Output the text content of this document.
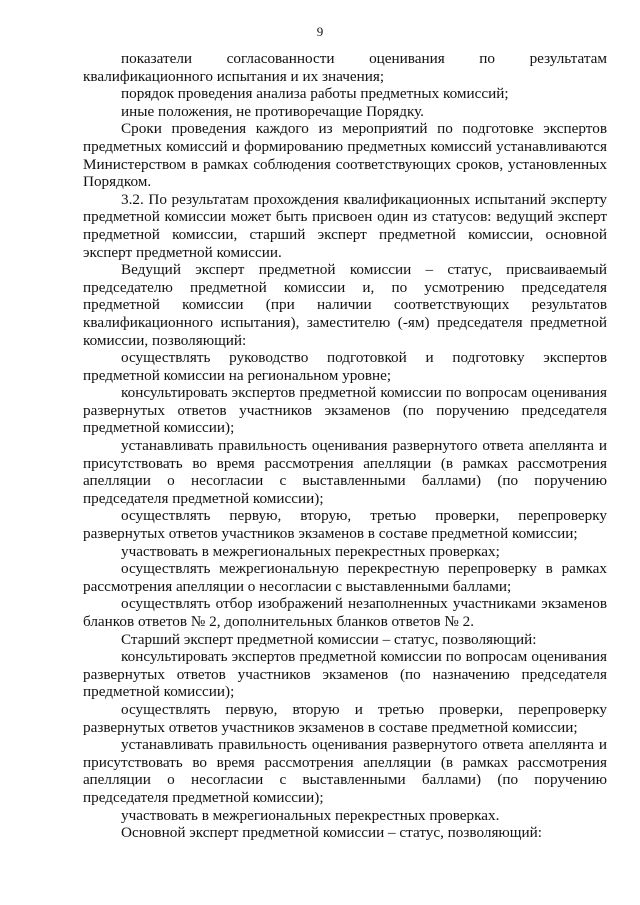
9

показатели согласованности оценивания по результатам квалификационного испытания и их значения;

порядок проведения анализа работы предметных комиссий;

иные положения, не противоречащие Порядку.

Сроки проведения каждого из мероприятий по подготовке экспертов предметных комиссий и формированию предметных комиссий устанавливаются Министерством в рамках соблюдения соответствующих сроков, установленных Порядком.

3.2. По результатам прохождения квалификационных испытаний эксперту предметной комиссии может быть присвоен один из статусов: ведущий эксперт предметной комиссии, старший эксперт предметной комиссии, основной эксперт предметной комиссии.

Ведущий эксперт предметной комиссии – статус, присваиваемый председателю предметной комиссии и, по усмотрению председателя предметной комиссии (при наличии соответствующих результатов квалификационного испытания), заместителю (-ям) председателя предметной комиссии, позволяющий:

осуществлять руководство подготовкой и подготовку экспертов предметной комиссии на региональном уровне;

консультировать экспертов предметной комиссии по вопросам оценивания развернутых ответов участников экзаменов (по поручению председателя предметной комиссии);

устанавливать правильность оценивания развернутого ответа апеллянта и присутствовать во время рассмотрения апелляции (в рамках рассмотрения апелляции о несогласии с выставленными баллами) (по поручению председателя предметной комиссии);

осуществлять первую, вторую, третью проверки, перепроверку развернутых ответов участников экзаменов в составе предметной комиссии;

участвовать в межрегиональных перекрестных проверках;

осуществлять межрегиональную перекрестную перепроверку в рамках рассмотрения апелляции о несогласии с выставленными баллами;

осуществлять отбор изображений незаполненных участниками экзаменов бланков ответов № 2, дополнительных бланков ответов № 2.

Старший эксперт предметной комиссии – статус, позволяющий:

консультировать экспертов предметной комиссии по вопросам оценивания развернутых ответов участников экзаменов (по назначению председателя предметной комиссии);

осуществлять первую, вторую и третью проверки, перепроверку развернутых ответов участников экзаменов в составе предметной комиссии;

устанавливать правильность оценивания развернутого ответа апеллянта и присутствовать во время рассмотрения апелляции (в рамках рассмотрения апелляции о несогласии с выставленными баллами) (по поручению председателя предметной комиссии);

участвовать в межрегиональных перекрестных проверках.

Основной эксперт предметной комиссии – статус, позволяющий:
